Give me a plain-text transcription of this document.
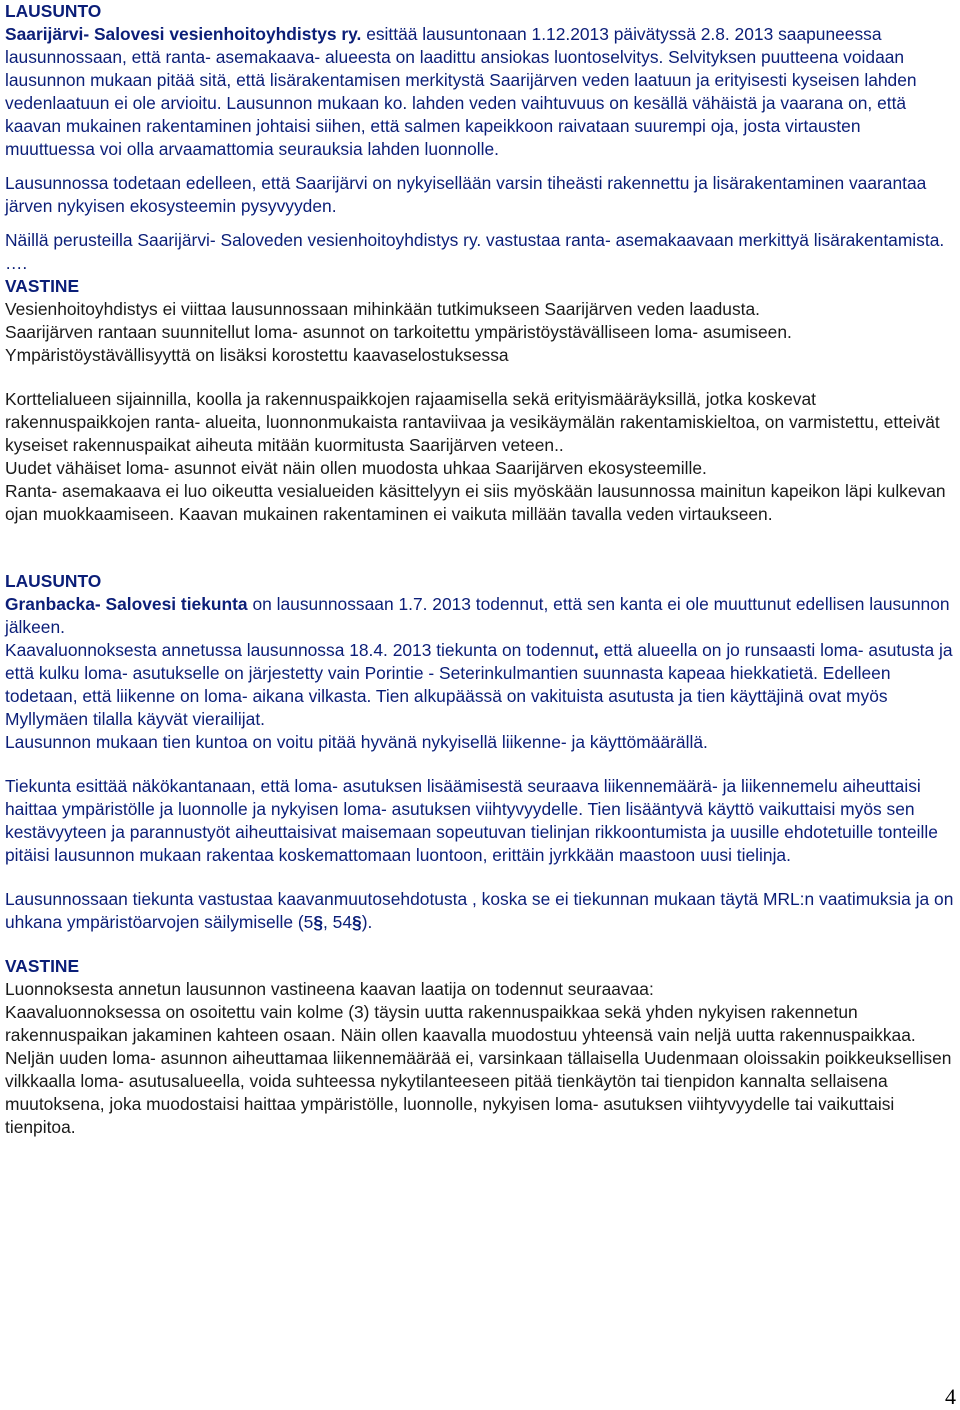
LAUSUNTO

Saarijärvi- Salovesi vesienhoitoyhdistys ry. esittää lausuntonaan 1.12.2013 päivätyssä 2.8. 2013 saapuneessa lausunnossaan, että ranta- asemakaava- alueesta on laadittu ansiokas luontoselvitys. Selvityksen puutteena voidaan lausunnon mukaan pitää sitä, että lisärakentamisen merkitystä Saarijärven veden laatuun ja erityisesti kyseisen lahden vedenlaatuun ei ole arvioitu. Lausunnon mukaan ko. lahden veden vaihtuvuus on kesällä vähäistä ja vaarana on, että kaavan mukainen rakentaminen johtaisi siihen, että salmen kapeikkoon raivataan suurempi oja, josta virtausten muuttuessa voi olla arvaamattomia seurauksia lahden luonnolle.

Lausunnossa todetaan edelleen, että Saarijärvi on nykyisellään varsin tiheästi rakennettu ja lisärakentaminen vaarantaa järven nykyisen ekosysteemin pysyvyyden.

Näillä perusteilla Saarijärvi- Saloveden vesienhoitoyhdistys ry. vastustaa ranta- asemakaavaan merkittyä lisärakentamista.

….

VASTINE

Vesienhoitoyhdistys ei viittaa lausunnossaan mihinkään tutkimukseen Saarijärven veden laadusta.

Saarijärven rantaan suunnitellut loma- asunnot on tarkoitettu ympäristöystävälliseen loma- asumiseen.

Ympäristöystävällisyyttä on lisäksi korostettu kaavaselostuksessa

Korttelialueen sijainnilla, koolla ja rakennuspaikkojen rajaamisella sekä erityismääräyksillä, jotka koskevat rakennuspaikkojen ranta- alueita, luonnonmukaista rantaviivaa ja vesikäymälän rakentamiskieltoa, on varmistettu, etteivät kyseiset rakennuspaikat aiheuta mitään kuormitusta Saarijärven veteen..

Uudet vähäiset loma- asunnot eivät näin ollen muodosta uhkaa Saarijärven ekosysteemille.

Ranta- asemakaava ei luo oikeutta vesialueiden käsittelyyn ei siis myöskään lausunnossa mainitun kapeikon läpi kulkevan ojan muokkaamiseen. Kaavan mukainen rakentaminen ei vaikuta millään tavalla veden virtaukseen.

LAUSUNTO

Granbacka- Salovesi tiekunta on lausunnossaan 1.7. 2013 todennut, että sen kanta ei ole muuttunut edellisen lausunnon jälkeen.

Kaavaluonnoksesta annetussa lausunnossa 18.4. 2013 tiekunta on todennut, että alueella on jo runsaasti loma- asutusta ja että kulku loma- asutukselle on järjestetty vain Porintie - Seterinkulmantien suunnasta kapeaa hiekkatietä. Edelleen todetaan, että liikenne on loma- aikana vilkasta. Tien alkupäässä on vakituista asutusta ja tien käyttäjinä ovat myös Myllymäen tilalla käyvät vierailijat.

Lausunnon mukaan tien kuntoa on voitu pitää hyvänä nykyisellä liikenne- ja käyttömäärällä.

Tiekunta esittää näkökantanaan, että loma- asutuksen lisäämisestä seuraava liikennemäärä- ja liikennemelu aiheuttaisi haittaa ympäristölle ja luonnolle ja nykyisen loma- asutuksen viihtyvyydelle. Tien lisääntyvä käyttö vaikuttaisi myös sen kestävyyteen ja parannustyöt aiheuttaisivat maisemaan sopeutuvan tielinjan rikkoontumista ja uusille ehdotetuille tonteille pitäisi lausunnon mukaan rakentaa koskemattomaan luontoon, erittäin jyrkkään maastoon uusi tielinja.

Lausunnossaan tiekunta vastustaa kaavanmuutosehdotusta , koska se ei tiekunnan mukaan täytä MRL:n vaatimuksia ja on uhkana ympäristöarvojen säilymiselle (5§, 54§).

VASTINE

Luonnoksesta annetun lausunnon vastineena kaavan laatija on todennut seuraavaa:

Kaavaluonnoksessa on osoitettu vain kolme (3) täysin uutta rakennuspaikkaa sekä yhden nykyisen rakennetun rakennuspaikan jakaminen kahteen osaan. Näin ollen kaavalla muodostuu yhteensä vain neljä uutta rakennuspaikkaa. Neljän uuden loma- asunnon aiheuttamaa liikennemäärää ei, varsinkaan tällaisella Uudenmaan oloissakin poikkeuksellisen vilkkaalla loma- asutusalueella, voida suhteessa nykytilanteeseen pitää tienkäytön tai tienpidon kannalta sellaisena muutoksena, joka muodostaisi haittaa ympäristölle, luonnolle, nykyisen loma- asutuksen viihtyvyydelle tai vaikuttaisi tienpitoa.

4
